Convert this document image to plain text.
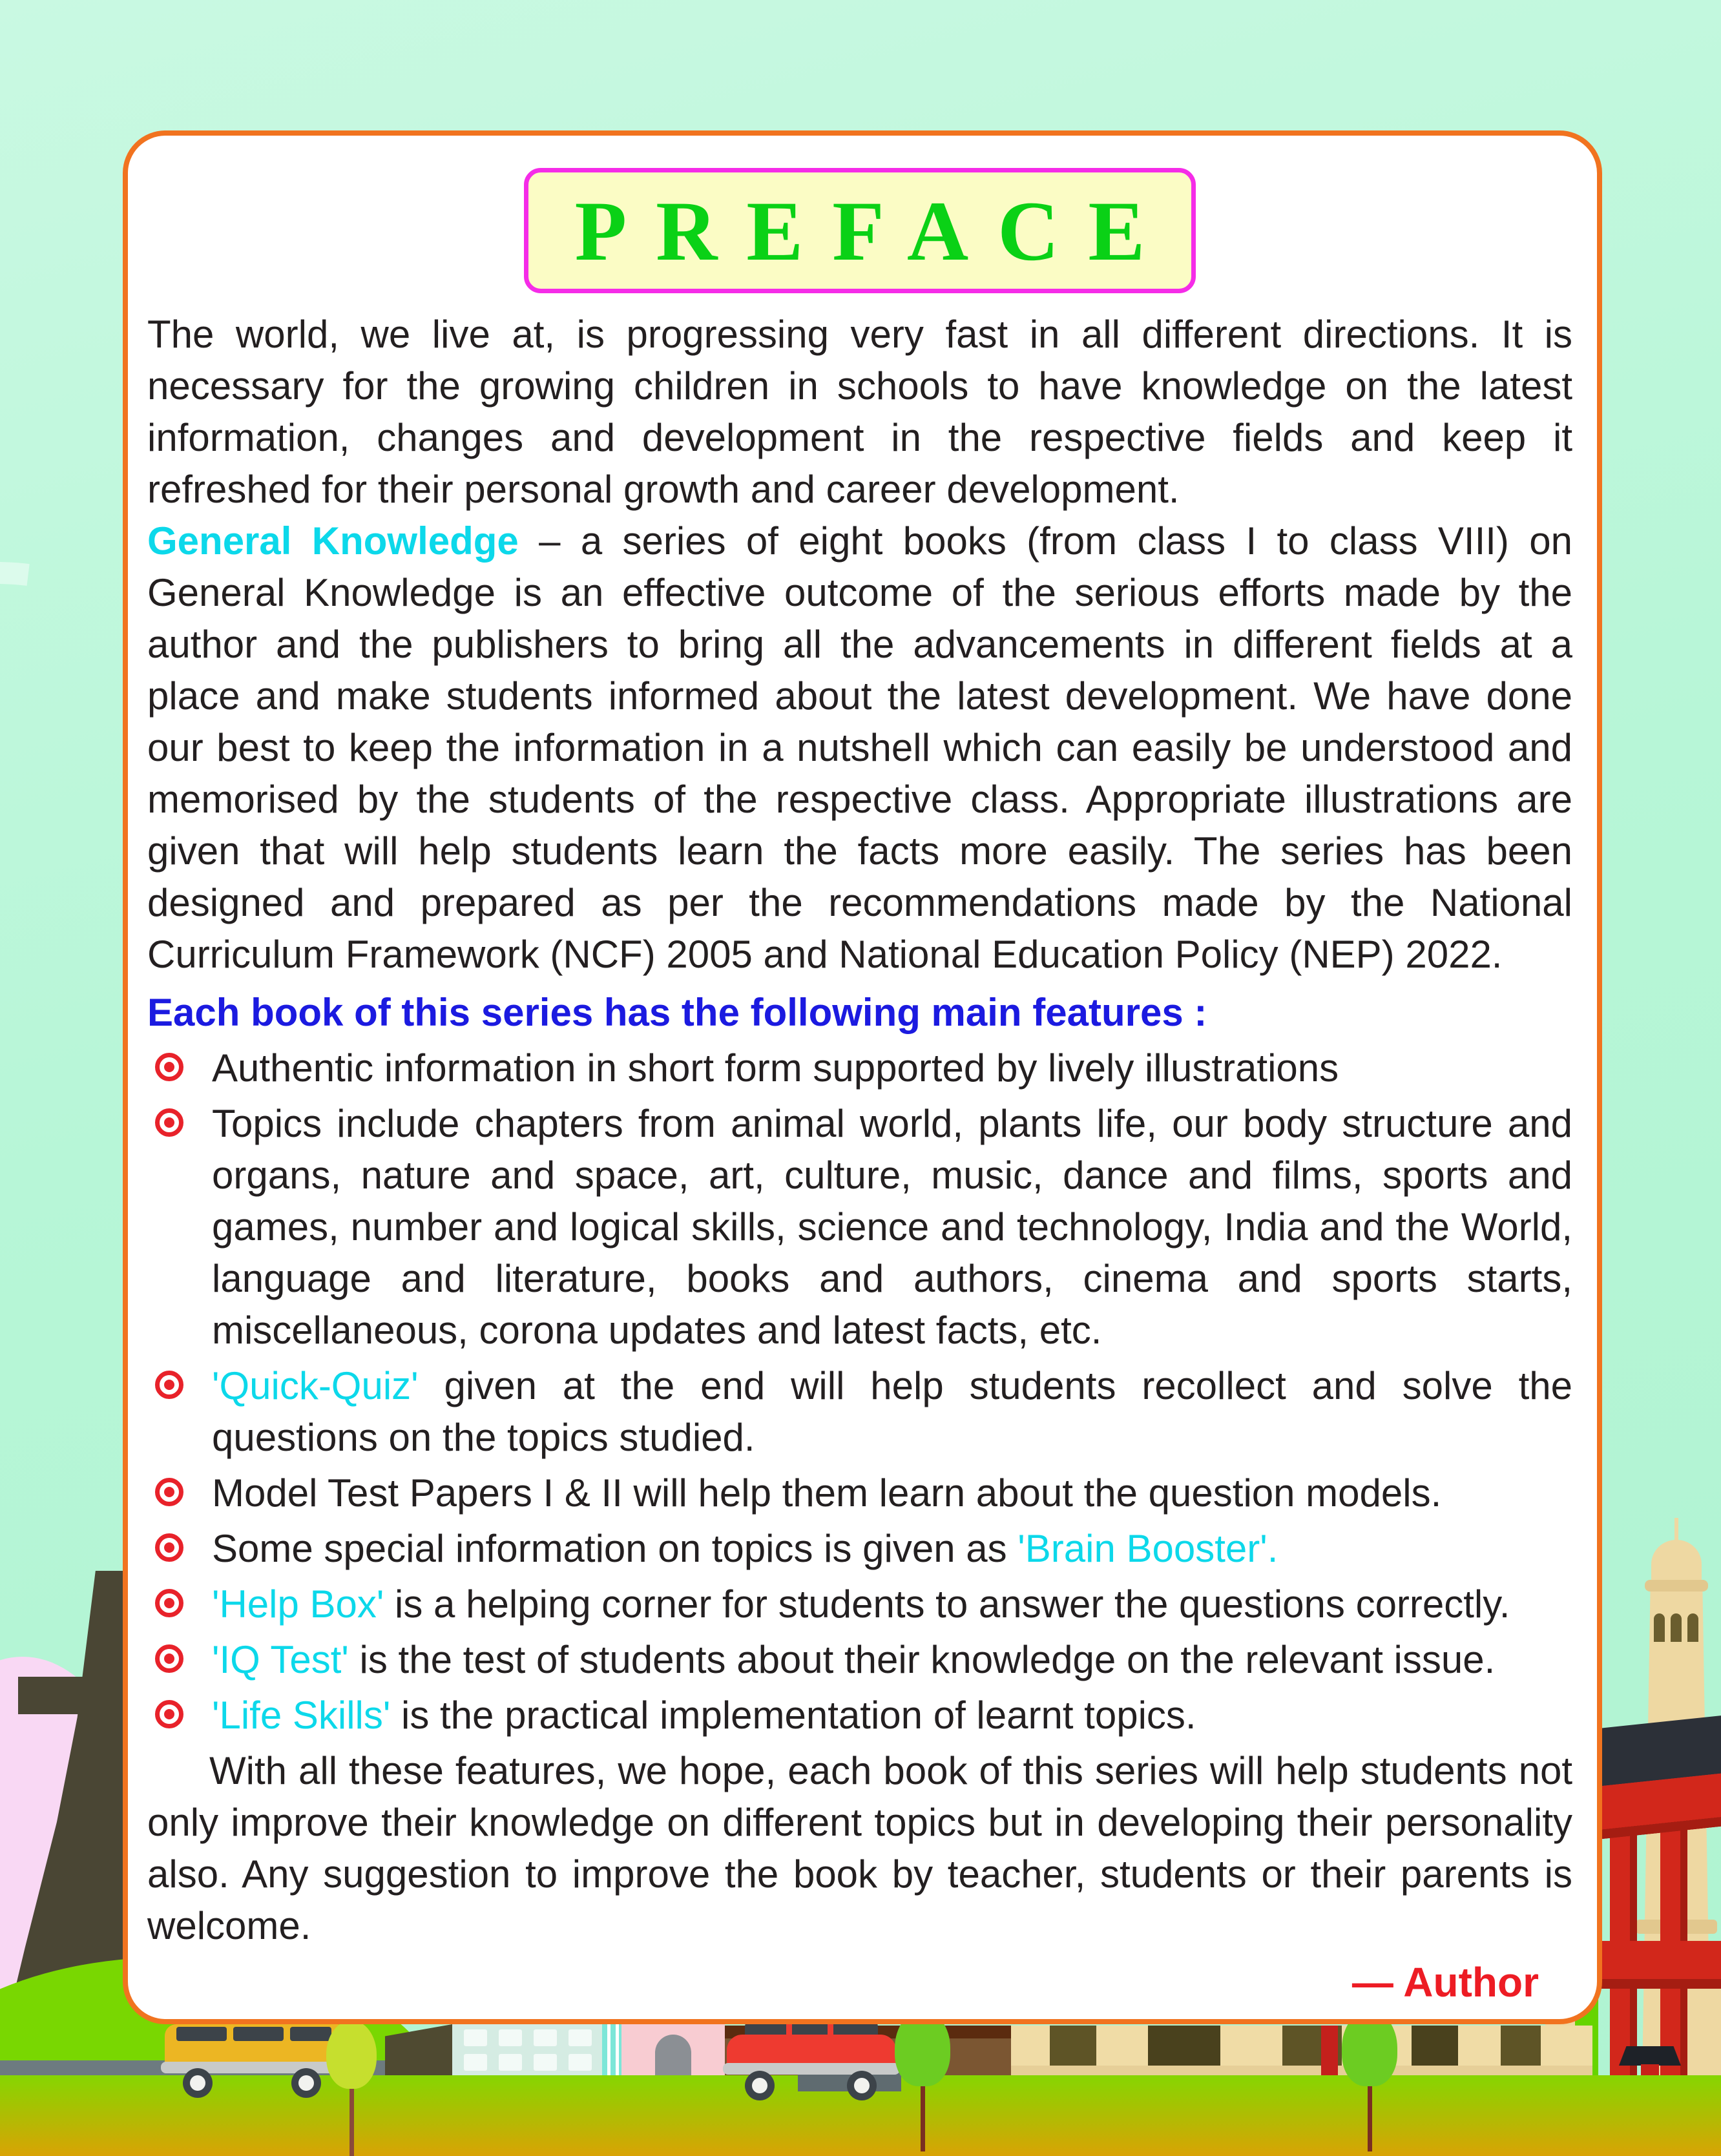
PREFACE

The world, we live at, is progressing very fast in all different directions. It is necessary for the growing children in schools to have knowledge on the latest information, changes and development in the respective fields and keep it refreshed for their personal growth and career development.

General Knowledge – a series of eight books (from class I to class VIII) on General Knowledge is an effective outcome of the serious efforts made by the author and the publishers to bring all the advancements in different fields at a place and make students informed about the latest development. We have done our best to keep the information in a nutshell which can easily be understood and memorised by the students of the respective class. Appropriate illustrations are given that will help students learn the facts more easily. The series has been designed and prepared as per the recommendations made by the National Curriculum Framework (NCF) 2005 and National Education Policy (NEP) 2022.

Each book of this series has the following main features :

Authentic information in short form supported by lively illustrations
Topics include chapters from animal world, plants life, our body structure and organs, nature and space, art, culture, music, dance and films, sports and games, number and logical skills, science and technology, India and the World, language and literature, books and authors, cinema and sports starts, miscellaneous, corona updates and latest facts, etc.
'Quick-Quiz' given at the end will help students recollect and solve the questions on the topics studied.
Model Test Papers I & II will help them learn about the question models.
Some special information on topics is given as 'Brain Booster'.
'Help Box' is a helping corner for students to answer the questions correctly.
'IQ Test' is the test of students about their knowledge on the relevant issue.
'Life Skills' is the practical implementation of learnt topics.

With all these features, we hope, each book of this series will help students not only improve their knowledge on different topics but in developing their personality also. Any suggestion to improve the book by teacher, students or their parents is welcome.

— Author
